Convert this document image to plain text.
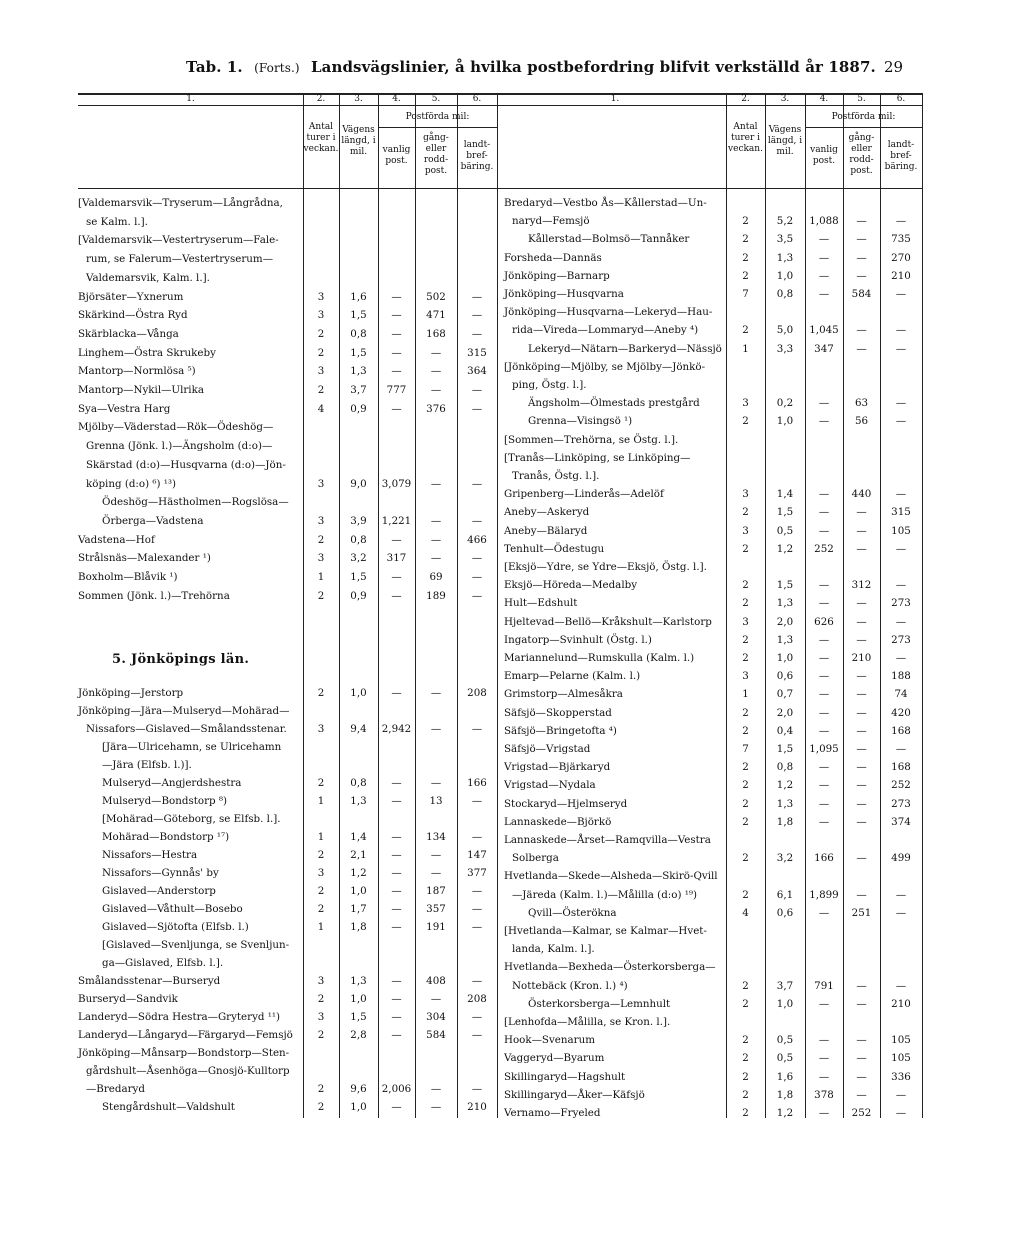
Tab. 1. (Forts.) Landsvägslinier, å hvilka postbefordring blifvit verkställd år 1887. 29
1.	2.	3.	4.	5.	6.
Antal turer i veckan.
Vägens längd, i mil.
Postförda mil:
vanlig post.
gång- eller rodd- post.
landt- bref- bäring.
1.	2.	3.	4.	5.	6.
Antal turer i veckan.
Vägens längd, i mil.
Postförda mil:
vanlig post.
gång- eller rodd- post.
landt- bref- bäring.
[Valdemarsvik—Tryserum—Långrådna,
se Kalm. l.].
[Valdemarsvik—Vestertryserum—Fale-
rum, se Falerum—Vestertryserum—
Valdemarsvik, Kalm. l.].
Björsäter—Yxnerum	3	1,6	—	502	—
Skärkind—Östra Ryd	3	1,5	—	471	—
Skärblacka—Vånga	2	0,8	—	168	—
Linghem—Östra Skrukeby	2	1,5	—	—	315
Mantorp—Normlösa ⁵)	3	1,3	—	—	364
Mantorp—Nykil—Ulrika	2	3,7	777	—	—
Sya—Vestra Harg	4	0,9	—	376	—
Mjölby—Väderstad—Rök—Ödeshög—
Grenna (Jönk. l.)—Ängsholm (d:o)—
Skärstad (d:o)—Husqvarna (d:o)—Jön-
köping (d:o) ⁶) ¹³)	3	9,0	3,079	—	—
Ödeshög—Hästholmen—Rogslösa—
Örberga—Vadstena	3	3,9	1,221	—	—
Vadstena—Hof	2	0,8	—	—	466
Strålsnäs—Malexander ¹)	3	3,2	317	—	—
Boxholm—Blåvik ¹)	1	1,5	—	69	—
Sommen (Jönk. l.)—Trehörna	2	0,9	—	189	—
5. Jönköpings län.
Jönköping—Jerstorp	2	1,0	—	—	208
Jönköping—Jära—Mulseryd—Mohärad—
Nissafors—Gislaved—Smålandsstenar.	3	9,4	2,942	—	—
[Jära—Ulricehamn, se Ulricehamn
—Jära (Elfsb. l.)].
Mulseryd—Angjerdshestra	2	0,8	—	—	166
Mulseryd—Bondstorp ⁸)	1	1,3	—	13	—
[Mohärad—Göteborg, se Elfsb. l.].
Mohärad—Bondstorp ¹⁷)	1	1,4	—	134	—
Nissafors—Hestra	2	2,1	—	—	147
Nissafors—Gynnås' by	3	1,2	—	—	377
Gislaved—Anderstorp	2	1,0	—	187	—
Gislaved—Våthult—Bosebo	2	1,7	—	357	—
Gislaved—Sjötofta (Elfsb. l.)	1	1,8	—	191	—
[Gislaved—Svenljunga, se Svenljun-
ga—Gislaved, Elfsb. l.].
Smålandsstenar—Burseryd	3	1,3	—	408	—
Burseryd—Sandvik	2	1,0	—	—	208
Landeryd—Södra Hestra—Gryteryd ¹¹)	3	1,5	—	304	—
Landeryd—Långaryd—Färgaryd—Femsjö	2	2,8	—	584	—
Jönköping—Månsarp—Bondstorp—Sten-
gårdshult—Åsenhöga—Gnosjö-Kulltorp
—Bredaryd	2	9,6	2,006	—	—
Stengårdshult—Valdshult	2	1,0	—	—	210
Bredaryd—Vestbo Ås—Kållerstad—Un-
naryd—Femsjö	2	5,2	1,088	—	—
Kållerstad—Bolmsö—Tannåker	2	3,5	—	—	735
Forsheda—Dannäs	2	1,3	—	—	270
Jönköping—Barnarp	2	1,0	—	—	210
Jönköping—Husqvarna	7	0,8	—	584	—
Jönköping—Husqvarna—Lekeryd—Hau-
rida—Vireda—Lommaryd—Aneby ⁴)	2	5,0	1,045	—	—
Lekeryd—Nätarn—Barkeryd—Nässjö	1	3,3	347	—	—
[Jönköping—Mjölby, se Mjölby—Jönkö-
ping, Östg. l.].
Ängsholm—Ölmestads prestgård	3	0,2	—	63	—
Grenna—Visingsö ¹)	2	1,0	—	56	—
[Sommen—Trehörna, se Östg. l.].
[Tranås—Linköping, se Linköping—
Tranås, Östg. l.].
Gripenberg—Linderås—Adelöf	3	1,4	—	440	—
Aneby—Askeryd	2	1,5	—	—	315
Aneby—Bälaryd	3	0,5	—	—	105
Tenhult—Ödestugu	2	1,2	252	—	—
[Eksjö—Ydre, se Ydre—Eksjö, Östg. l.].
Eksjö—Höreda—Medalby	2	1,5	—	312	—
Hult—Edshult	2	1,3	—	—	273
Hjeltevad—Bellö—Kråkshult—Karlstorp	3	2,0	626	—	—
Ingatorp—Svinhult (Östg. l.)	2	1,3	—	—	273
Mariannelund—Rumskulla (Kalm. l.)	2	1,0	—	210	—
Emarp—Pelarne (Kalm. l.)	3	0,6	—	—	188
Grimstorp—Almesåkra	1	0,7	—	—	74
Säfsjö—Skopperstad	2	2,0	—	—	420
Säfsjö—Bringetofta ⁴)	2	0,4	—	—	168
Säfsjö—Vrigstad	7	1,5	1,095	—	—
Vrigstad—Bjärkaryd	2	0,8	—	—	168
Vrigstad—Nydala	2	1,2	—	—	252
Stockaryd—Hjelmseryd	2	1,3	—	—	273
Lannaskede—Björkö	2	1,8	—	—	374
Lannaskede—Årset—Ramqvilla—Vestra
Solberga	2	3,2	166	—	499
Hvetlanda—Skede—Alsheda—Skirö-Qvill
—Järeda (Kalm. l.)—Målilla (d:o) ¹⁹)	2	6,1	1,899	—	—
Qvill—Österökna	4	0,6	—	251	—
[Hvetlanda—Kalmar, se Kalmar—Hvet-
landa, Kalm. l.].
Hvetlanda—Bexheda—Österkorsberga—
Nottebäck (Kron. l.) ⁴)	2	3,7	791	—	—
Österkorsberga—Lemnhult	2	1,0	—	—	210
[Lenhofda—Målilla, se Kron. l.].
Hook—Svenarum	2	0,5	—	—	105
Vaggeryd—Byarum	2	0,5	—	—	105
Skillingaryd—Hagshult	2	1,6	—	—	336
Skillingaryd—Åker—Käfsjö	2	1,8	378	—	—
Vernamo—Fryeled	2	1,2	—	252	—
